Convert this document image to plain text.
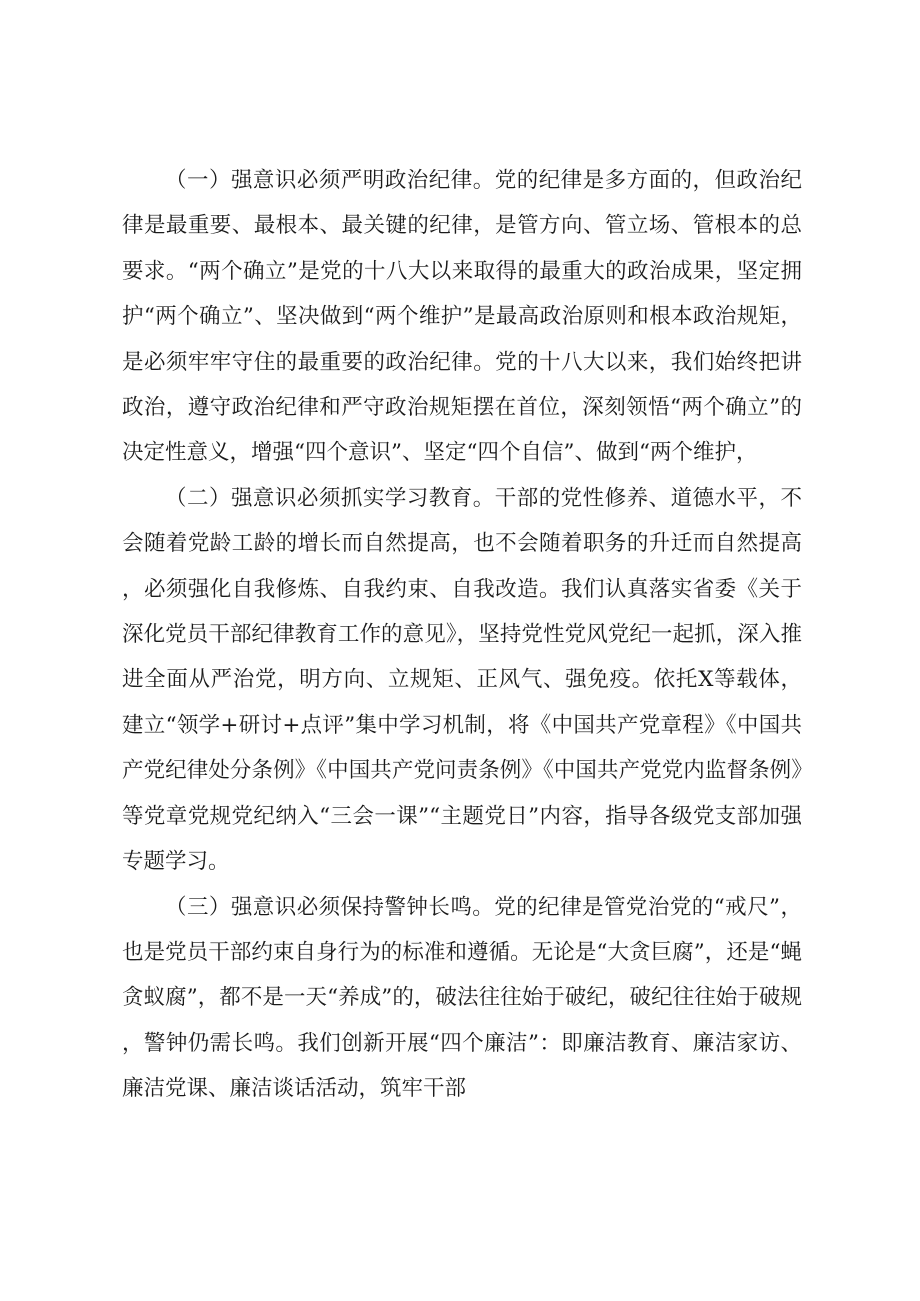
（一）强意识必须严明政治纪律。党的纪律是多方面的，但政治纪律是最重要、最根本、最关键的纪律，是管方向、管立场、管根本的总要求。“两个确立”是党的十八大以来取得的最重大的政治成果，坚定拥护“两个确立”、坚决做到“两个维护”是最高政治原则和根本政治规矩，是必须牢牢守住的最重要的政治纪律。党的十八大以来，我们始终把讲政治，遵守政治纪律和严守政治规矩摆在首位，深刻领悟“两个确立”的决定性意义，增强“四个意识”、坚定“四个自信”、做到“两个维护，

（二）强意识必须抓实学习教育。干部的党性修养、道德水平，不会随着党龄工龄的增长而自然提高，也不会随着职务的升迁而自然提高，必须强化自我修炼、自我约束、自我改造。我们认真落实省委《关于深化党员干部纪律教育工作的意见》，坚持党性党风党纪一起抓，深入推进全面从严治党，明方向、立规矩、正风气、强免疫。依托X等载体，建立“领学+研讨+点评”集中学习机制，将《中国共产党章程》《中国共产党纪律处分条例》《中国共产党问责条例》《中国共产党党内监督条例》等党章党规党纪纳入“三会一课”“主题党日”内容，指导各级党支部加强专题学习。

（三）强意识必须保持警钟长鸣。党的纪律是管党治党的“戒尺”，也是党员干部约束自身行为的标准和遵循。无论是“大贪巨腐”，还是“蝇贪蚁腐”，都不是一天“养成”的，破法往往始于破纪，破纪往往始于破规，警钟仍需长鸣。我们创新开展“四个廉洁”：即廉洁教育、廉洁家访、廉洁党课、廉洁谈话活动，筑牢干部
